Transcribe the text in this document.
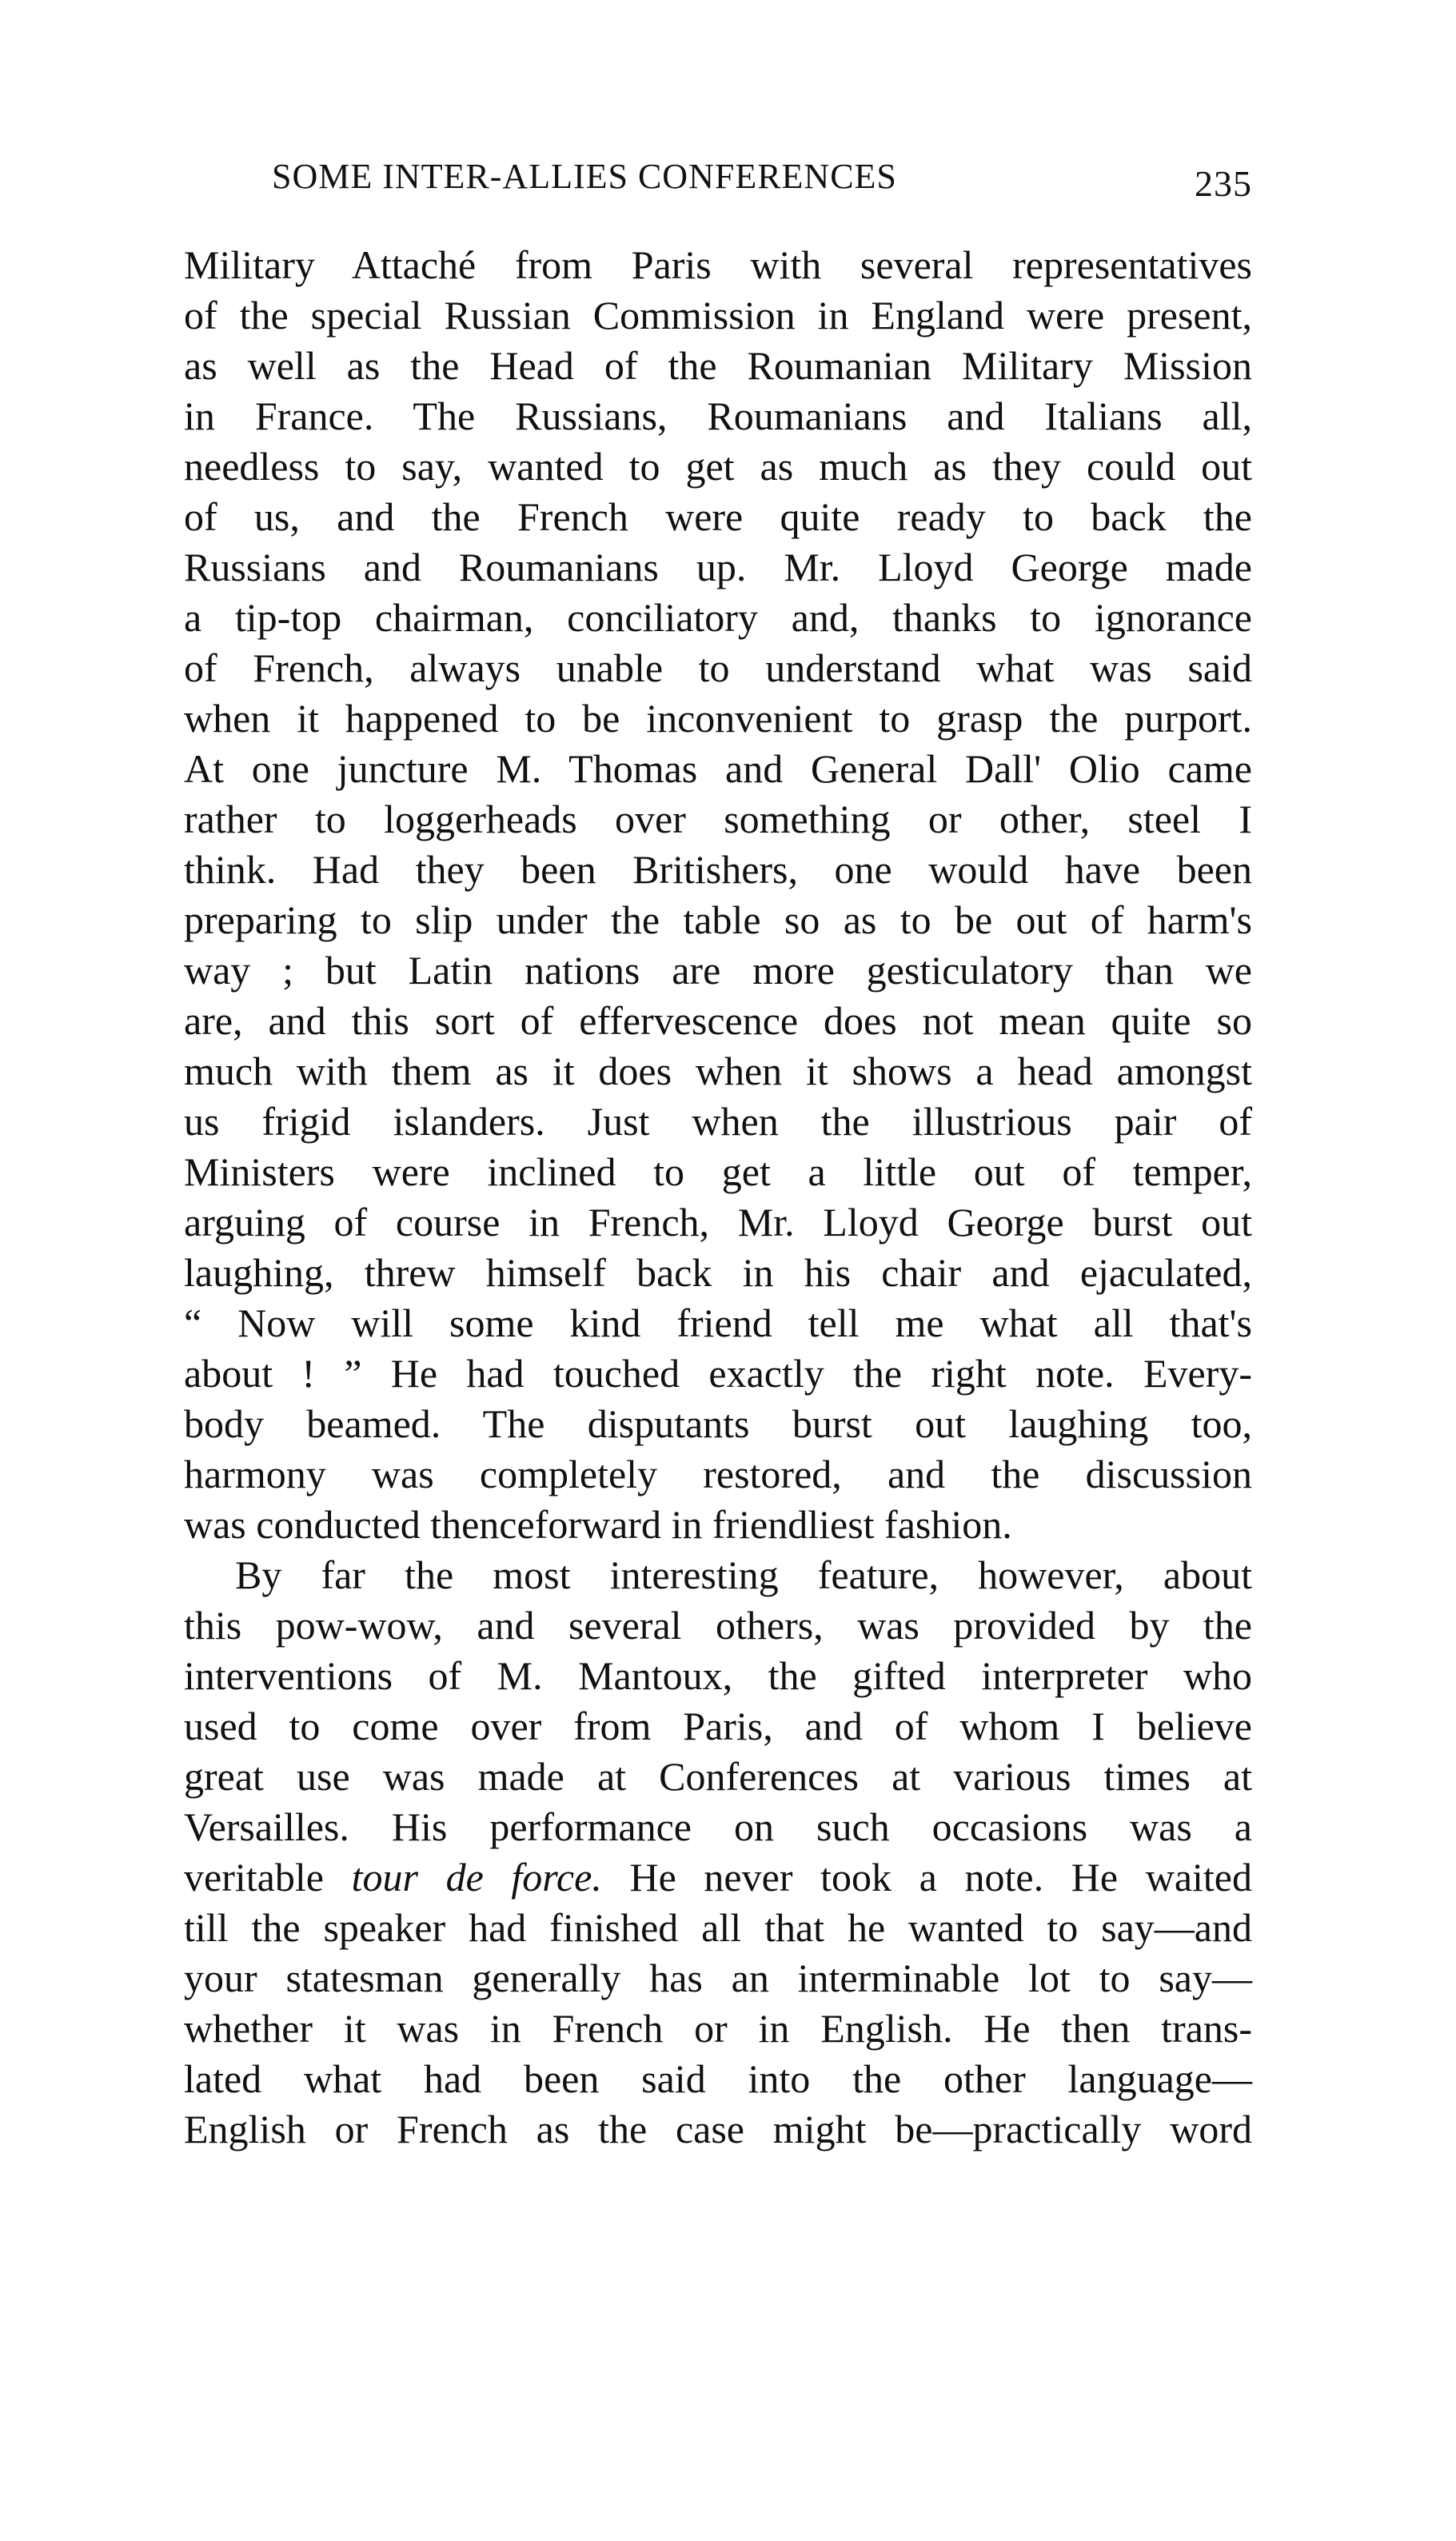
SOME INTER-ALLIES CONFERENCES	235
Military Attaché from Paris with several representatives
of the special Russian Commission in England were present,
as well as the Head of the Roumanian Military Mission
in France. The Russians, Roumanians and Italians all,
needless to say, wanted to get as much as they could out
of us, and the French were quite ready to back the
Russians and Roumanians up. Mr. Lloyd George made
a tip-top chairman, conciliatory and, thanks to ignorance
of French, always unable to understand what was said
when it happened to be inconvenient to grasp the purport.
At one juncture M. Thomas and General Dall' Olio came
rather to loggerheads over something or other, steel I
think. Had they been Britishers, one would have been
preparing to slip under the table so as to be out of harm's
way ; but Latin nations are more gesticulatory than we
are, and this sort of effervescence does not mean quite so
much with them as it does when it shows a head amongst
us frigid islanders. Just when the illustrious pair of
Ministers were inclined to get a little out of temper,
arguing of course in French, Mr. Lloyd George burst out
laughing, threw himself back in his chair and ejaculated,
“ Now will some kind friend tell me what all that's
about ! ” He had touched exactly the right note. Every-
body beamed. The disputants burst out laughing too,
harmony was completely restored, and the discussion
was conducted thenceforward in friendliest fashion.
By far the most interesting feature, however, about
this pow-wow, and several others, was provided by the
interventions of M. Mantoux, the gifted interpreter who
used to come over from Paris, and of whom I believe
great use was made at Conferences at various times at
Versailles. His performance on such occasions was a
veritable tour de force. He never took a note. He waited
till the speaker had finished all that he wanted to say—and
your statesman generally has an interminable lot to say—
whether it was in French or in English. He then trans-
lated what had been said into the other language—
English or French as the case might be—practically word
